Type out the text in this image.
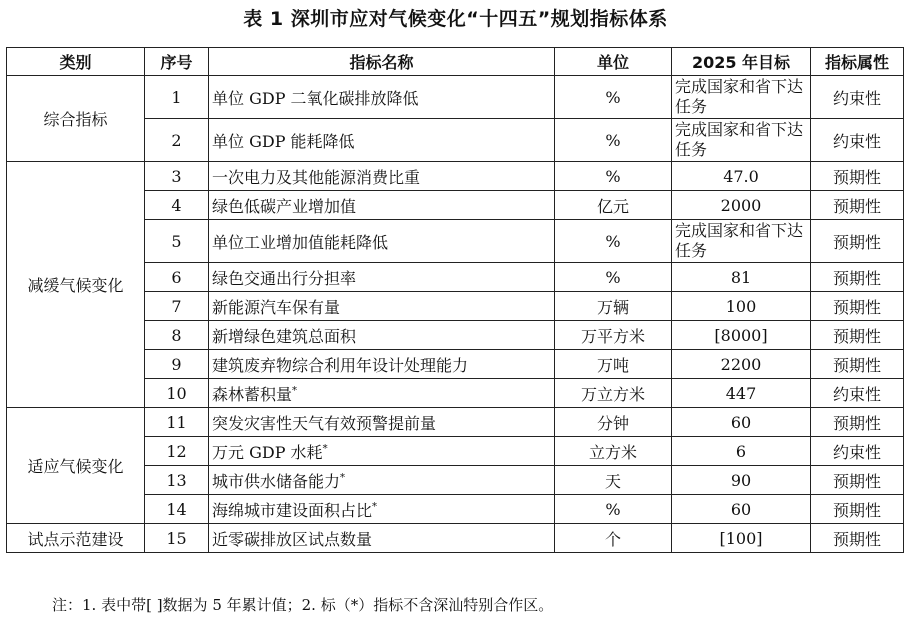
表 1 深圳市应对气候变化“十四五”规划指标体系
类别	序号	指标名称	单位	2025 年目标	指标属性
综合指标	1	单位 GDP 二氧化碳排放降低	%	完成国家和省下达任务	约束性
	2	单位 GDP 能耗降低	%	完成国家和省下达任务	约束性
减缓气候变化	3	一次电力及其他能源消费比重	%	47.0	预期性
	4	绿色低碳产业增加值	亿元	2000	预期性
	5	单位工业增加值能耗降低	%	完成国家和省下达任务	预期性
	6	绿色交通出行分担率	%	81	预期性
	7	新能源汽车保有量	万辆	100	预期性
	8	新增绿色建筑总面积	万平方米	[8000]	预期性
	9	建筑废弃物综合利用年设计处理能力	万吨	2200	预期性
	10	森林蓄积量*	万立方米	447	约束性
适应气候变化	11	突发灾害性天气有效预警提前量	分钟	60	预期性
	12	万元 GDP 水耗*	立方米	6	约束性
	13	城市供水储备能力*	天	90	预期性
	14	海绵城市建设面积占比*	%	60	预期性
试点示范建设	15	近零碳排放区试点数量	个	[100]	预期性
注：1. 表中带[ ]数据为 5 年累计值；2. 标（*）指标不含深汕特别合作区。
